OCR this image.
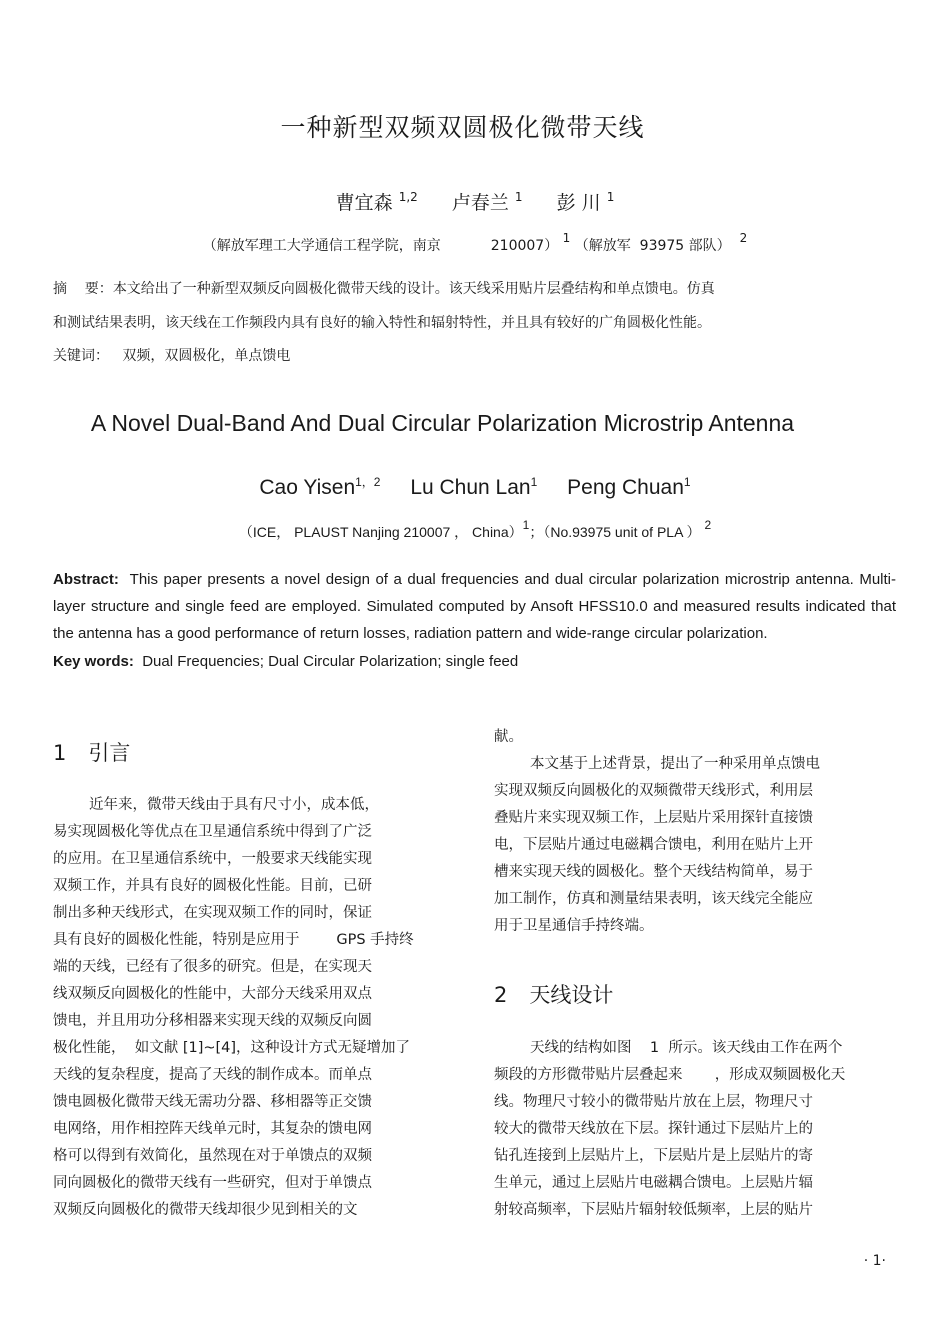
一种新型双频双圆极化微带天线
曹宜森 $^{1,2}$ 卢春兰 $^1$ 彭 川 $^1$
（解放军理工大学通信工程学院，南京	210007） $^1$ （解放军 93975 部队） $^2$

摘    要：本文给出了一种新型双频反向圆极化微带天线的设计。该天线采用贴片层叠结构和单点馈电。仿真

和测试结果表明，该天线在工作频段内具有良好的输入特性和辐射特性，并且具有较好的广角圆极化性能。

关键词： 双频，双圆极化，单点馈电

A Novel Dual-Band And Dual Circular Polarization Microstrip Antenna
Cao Yisen$^{1,2}$ Lu Chun Lan$^1$ Peng Chuan$^1$
（ICE， PLAUST Nanjing 210007 ， China）$^1$；（No.93975 unit of PLA ） $^2$

Abstract: This paper presents a novel design of a dual frequencies and dual circular polarization microstrip antenna. Multi-layer structure and single feed are employed. Simulated computed by Ansoft HFSS10.0 and measured results indicated that the antenna has a good performance of return losses, radiation pattern and wide-range circular polarization.

Key words: Dual Frequencies; Dual Circular Polarization; single feed

1 引言

近年来，微带天线由于具有尺寸小，成本低，

易实现圆极化等优点在卫星通信系统中得到了广泛

的应用。在卫星通信系统中，一般要求天线能实现

双频工作，并具有良好的圆极化性能。目前，已研

制出多种天线形式，在实现双频工作的同时，保证

具有良好的圆极化性能，特别是应用于        GPS 手持终

端的天线，已经有了很多的研究。但是，在实现天

线双频反向圆极化的性能中，大部分天线采用双点

馈电，并且用功分移相器来实现天线的双频反向圆

极化性能，  如文献 [1]~[4]，这种设计方式无疑增加了

天线的复杂程度，提高了天线的制作成本。而单点

馈电圆极化微带天线无需功分器、移相器等正交馈

电网络，用作相控阵天线单元时，其复杂的馈电网

格可以得到有效简化，虽然现在对于单馈点的双频

同向圆极化的微带天线有一些研究，但对于单馈点

双频反向圆极化的微带天线却很少见到相关的文

献。

本文基于上述背景，提出了一种采用单点馈电

实现双频反向圆极化的双频微带天线形式，利用层

叠贴片来实现双频工作，上层贴片采用探针直接馈

电，下层贴片通过电磁耦合馈电，利用在贴片上开

槽来实现天线的圆极化。整个天线结构简单，易于

加工制作，仿真和测量结果表明，该天线完全能应

用于卫星通信手持终端。

2 天线设计

天线的结构如图    1  所示。该天线由工作在两个

频段的方形微带贴片层叠起来       ，形成双频圆极化天

线。物理尺寸较小的微带贴片放在上层，物理尺寸

较大的微带天线放在下层。探针通过下层贴片上的

钻孔连接到上层贴片上，下层贴片是上层贴片的寄

生单元，通过上层贴片电磁耦合馈电。上层贴片辐

射较高频率，下层贴片辐射较低频率，上层的贴片

· 1·
